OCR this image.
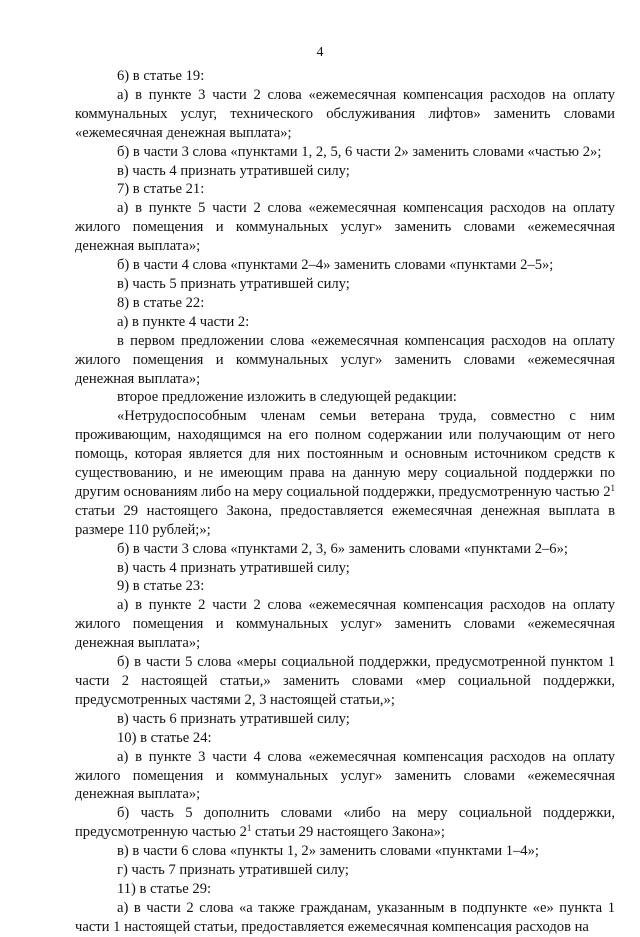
4

6) в статье 19:

а) в пункте 3 части 2 слова «ежемесячная компенсация расходов на оплату коммунальных услуг, технического обслуживания лифтов» заменить словами «ежемесячная денежная выплата»;

б) в части 3 слова «пунктами 1, 2, 5, 6 части 2» заменить словами «частью 2»;

в) часть 4 признать утратившей силу;

7) в статье 21:

а) в пункте 5 части 2 слова «ежемесячная компенсация расходов на оплату жилого помещения и коммунальных услуг» заменить словами «ежемесячная денежная выплата»;

б) в части 4 слова «пунктами 2–4» заменить словами «пунктами 2–5»;

в) часть 5 признать утратившей силу;

8) в статье 22:

а) в пункте 4 части 2:

в первом предложении слова «ежемесячная компенсация расходов на оплату жилого помещения и коммунальных услуг» заменить словами «ежемесячная денежная выплата»;

второе предложение изложить в следующей редакции:

«Нетрудоспособным членам семьи ветерана труда, совместно с ним проживающим, находящимся на его полном содержании или получающим от него помощь, которая является для них постоянным и основным источником средств к существованию, и не имеющим права на данную меру социальной поддержки по другим основаниям либо на меру социальной поддержки, предусмотренную частью $2^1$ статьи 29 настоящего Закона, предоставляется ежемесячная денежная выплата в размере 110 рублей;»;

б) в части 3 слова «пунктами 2, 3, 6» заменить словами «пунктами 2–6»;

в) часть 4 признать утратившей силу;

9) в статье 23:

а) в пункте 2 части 2 слова «ежемесячная компенсация расходов на оплату жилого помещения и коммунальных услуг» заменить словами «ежемесячная денежная выплата»;

б) в части 5 слова «меры социальной поддержки, предусмотренной пунктом 1 части 2 настоящей статьи,» заменить словами «мер социальной поддержки, предусмотренных частями 2, 3 настоящей статьи,»;

в) часть 6 признать утратившей силу;

10) в статье 24:

а) в пункте 3 части 4 слова «ежемесячная компенсация расходов на оплату жилого помещения и коммунальных услуг» заменить словами «ежемесячная денежная выплата»;

б) часть 5 дополнить словами «либо на меру социальной поддержки, предусмотренную частью $2^1$ статьи 29 настоящего Закона»;

в) в части 6 слова «пункты 1, 2» заменить словами «пунктами 1–4»;

г) часть 7 признать утратившей силу;

11) в статье 29:

а) в части 2 слова «а также гражданам, указанным в подпункте «е» пункта 1 части 1 настоящей статьи, предоставляется ежемесячная компенсация расходов на
